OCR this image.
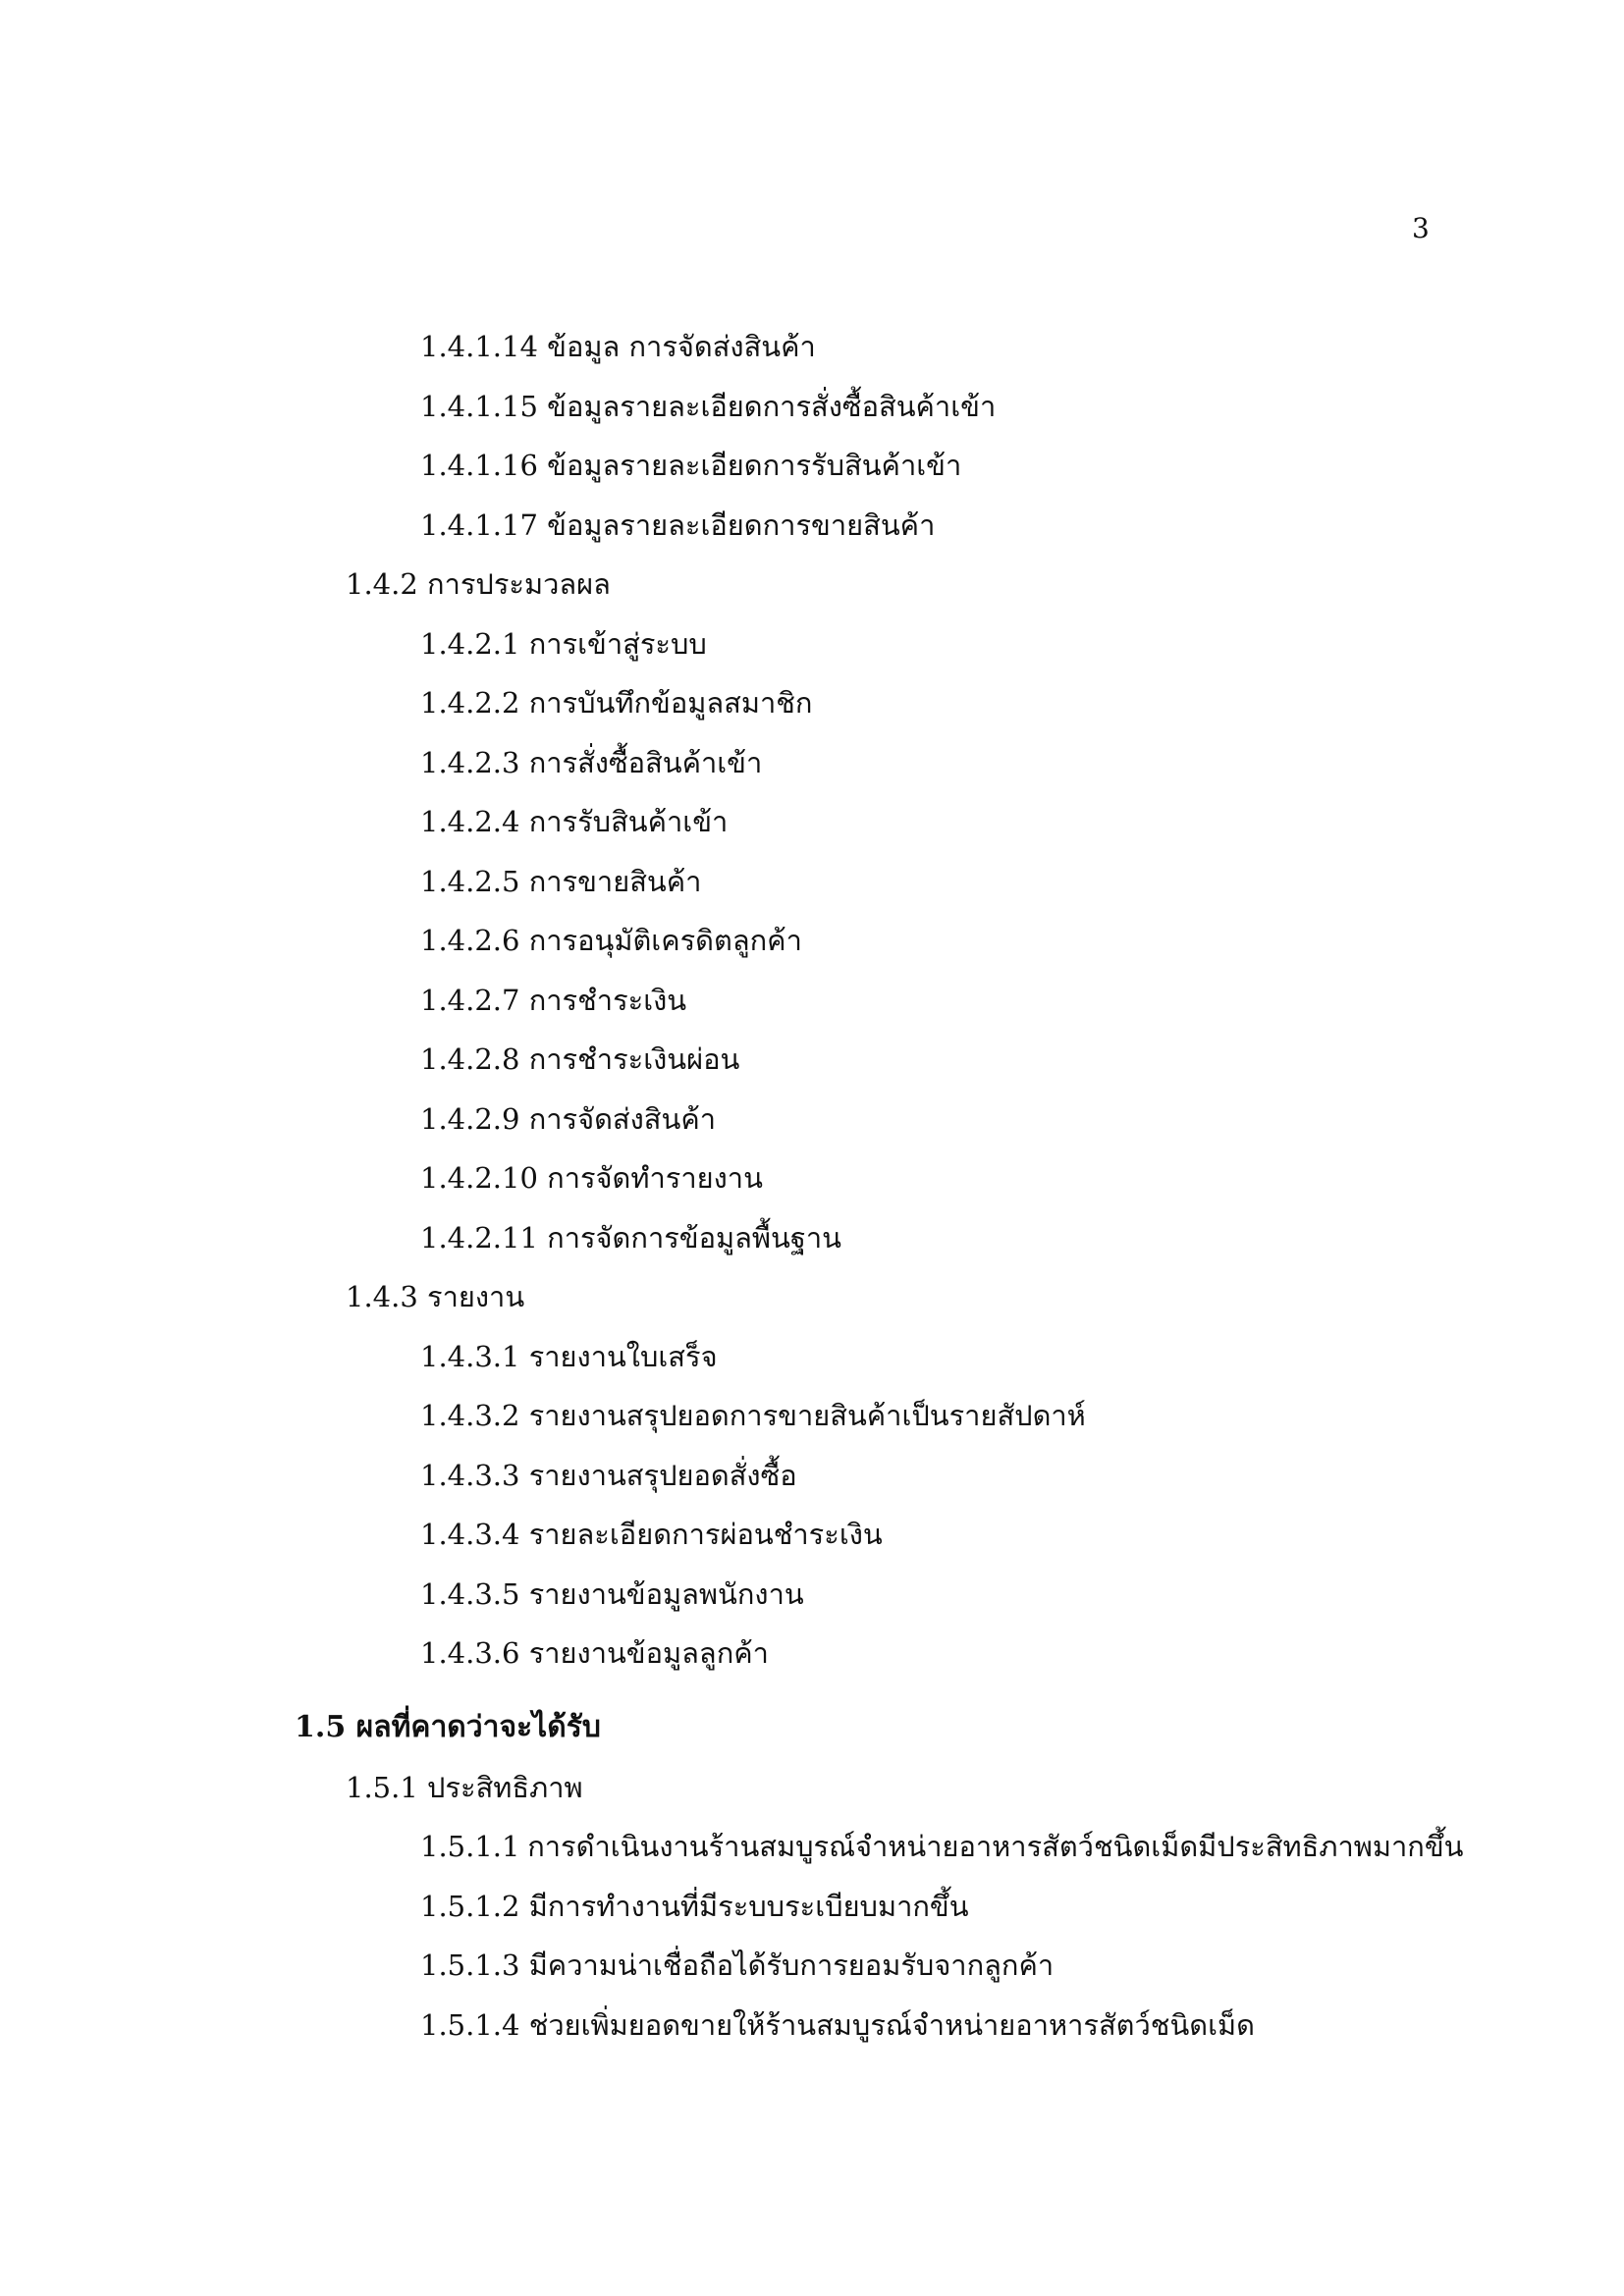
3
1.4.1.14
ข้อมูล การจัดส่งสินค้า
1.4.1.15
ข้อมูลรายละเอียดการสั่งซื้อสินค้าเข้า
1.4.1.16
ข้อมูลรายละเอียดการรับสินค้าเข้า
1.4.1.17
ข้อมูลรายละเอียดการขายสินค้า
1.4.2
การประมวลผล
1.4.2.1
การเข้าสู่ระบบ
1.4.2.2
การบันทึกข้อมูลสมาชิก
1.4.2.3
การสั่งซื้อสินค้าเข้า
1.4.2.4
การรับสินค้าเข้า
1.4.2.5
การขายสินค้า
1.4.2.6
การอนุมัติเครดิตลูกค้า
1.4.2.7
การชำระเงิน
1.4.2.8
การชำระเงินผ่อน
1.4.2.9
การจัดส่งสินค้า
1.4.2.10
การจัดทำรายงาน
1.4.2.11
การจัดการข้อมูลพื้นฐาน
1.4.3
รายงาน
1.4.3.1
รายงานใบเสร็จ
1.4.3.2
รายงานสรุปยอดการขายสินค้าเป็นรายสัปดาห์
1.4.3.3
รายงานสรุปยอดสั่งซื้อ
1.4.3.4
รายละเอียดการผ่อนชำระเงิน
1.4.3.5
รายงานข้อมูลพนักงาน
1.4.3.6
รายงานข้อมูลลูกค้า
1.5
ผลที่คาดว่าจะได้รับ
1.5.1
ประสิทธิภาพ
1.5.1.1
การดำเนินงานร้านสมบูรณ์จำหน่ายอาหารสัตว์ชนิดเม็ดมีประสิทธิภาพมากขึ้น
1.5.1.2
มีการทำงานที่มีระบบระเบียบมากขึ้น
1.5.1.3
มีความน่าเชื่อถือได้รับการยอมรับจากลูกค้า
1.5.1.4
ช่วยเพิ่มยอดขายให้ร้านสมบูรณ์จำหน่ายอาหารสัตว์ชนิดเม็ด
